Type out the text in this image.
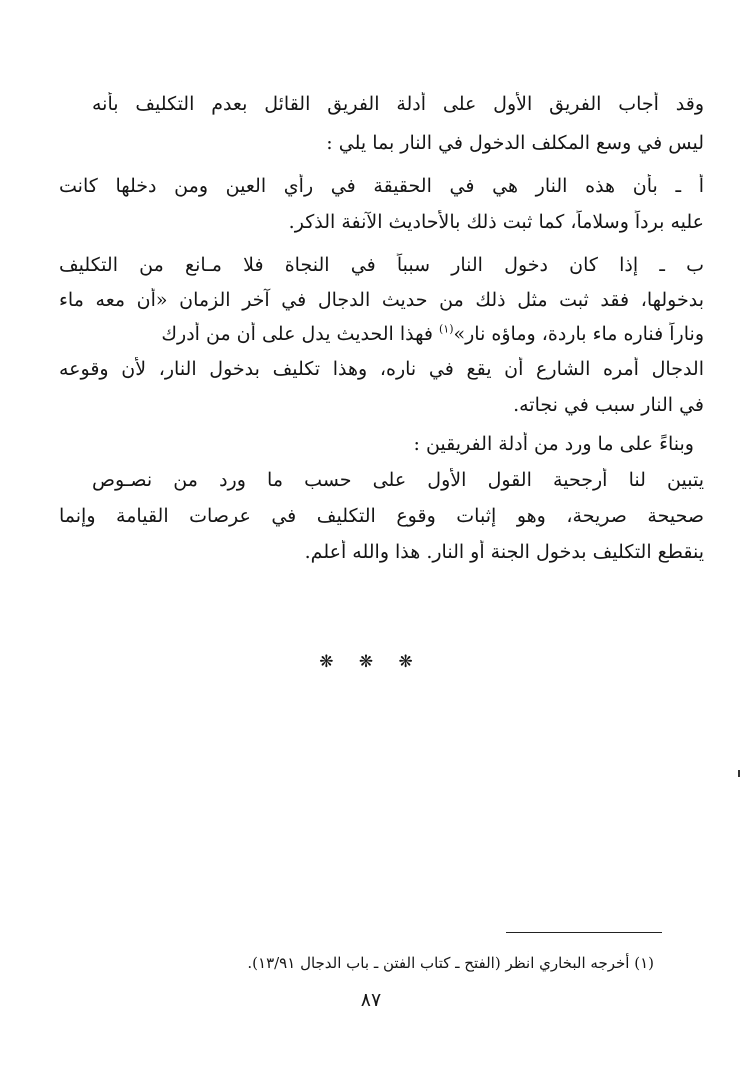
وقد أجاب الفريق الأول على أدلة الفريق القائل بعدم التكليف بأنه
ليس في وسع المكلف الدخول في النار بما يلي :
أ ـ بأن هذه النار هي في الحقيقة في رأي العين ومن دخلها كانت
عليه برداً وسلاماً، كما ثبت ذلك بالأحاديث الآنفة الذكر.
ب ـ إذا كان دخول النار سبباً في النجاة فلا مـانع من التكليف
بدخولها، فقد ثبت مثل ذلك من حديث الدجال في آخر الزمان «أن معه ماء
وناراً فناره ماء باردة، وماؤه نار»$^{(١)}$ فهذا الحديث يدل على أن من أدرك
الدجال أمره الشارع أن يقع في ناره، وهذا تكليف بدخول النار، لأن وقوعه
في النار سبب في نجاته.
وبناءً على ما ورد من أدلة الفريقين :
يتبين لنا أرجحية القول الأول على حسب ما ورد من نصـوص
صحيحة صريحة، وهو إثبات وقوع التكليف في عرصات القيامة وإنما
ينقطع التكليف بدخول الجنة أو النار. هذا والله أعلم.
❋ ❋ ❋
(١) أخرجه البخاري انظر (الفتح ـ كتاب الفتن ـ باب الدجال ١٣/٩١).
٨٧
